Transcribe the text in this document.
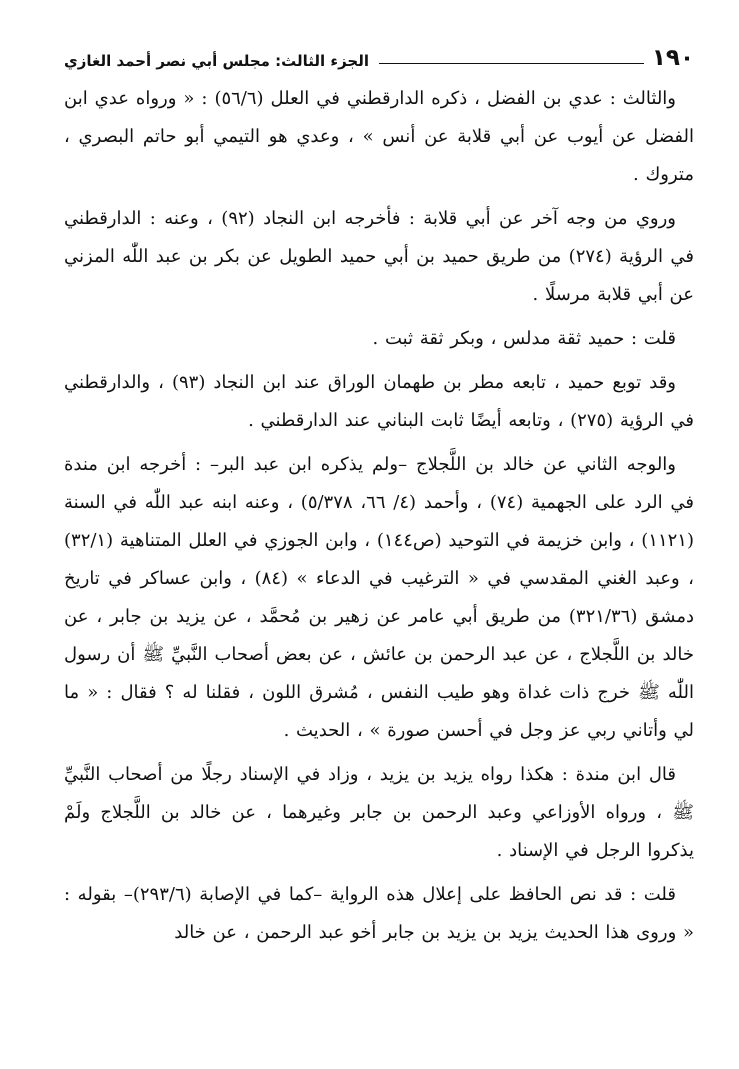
١٩٠
الجزء الثالث: مجلس أبي نصر أحمد الغازي

والثالث : عدي بن الفضل ، ذكره الدارقطني في العلل (٥٦/٦) : « ورواه عدي ابن الفضل عن أيوب عن أبي قلابة عن أنس » ، وعدي هو التيمي أبو حاتم البصري ، متروك .

وروي من وجه آخر عن أبي قلابة : فأخرجه ابن النجاد (٩٢) ، وعنه : الدارقطني في الرؤية (٢٧٤) من طريق حميد بن أبي حميد الطويل عن بكر بن عبد اللّٰه المزني عن أبي قلابة مرسلًا .

قلت : حميد ثقة مدلس ، وبكر ثقة ثبت .

وقد توبع حميد ، تابعه مطر بن طهمان الوراق عند ابن النجاد (٩٣) ، والدارقطني في الرؤية (٢٧٥) ، وتابعه أيضًا ثابت البناني عند الدارقطني .

والوجه الثاني عن خالد بن اللَّجلاج –ولم يذكره ابن عبد البر– : أخرجه ابن مندة في الرد على الجهمية (٧٤) ، وأحمد (٤/ ٦٦، ٥/٣٧٨) ، وعنه ابنه عبد اللّٰه في السنة (١١٢١) ، وابن خزيمة في التوحيد (ص١٤٤) ، وابن الجوزي في العلل المتناهية (٣٢/١) ، وعبد الغني المقدسي في « الترغيب في الدعاء » (٨٤) ، وابن عساكر في تاريخ دمشق (٣٢١/٣٦) من طريق أبي عامر عن زهير بن مُحمَّد ، عن يزيد بن جابر ، عن خالد بن اللَّجلاج ، عن عبد الرحمن بن عائش ، عن بعض أصحاب النَّبيِّ ﷺ أن رسول اللّٰه ﷺ خرج ذات غداة وهو طيب النفس ، مُشرق اللون ، فقلنا له ؟ فقال : « ما لي وأتاني ربي عز وجل في أحسن صورة » ، الحديث .

قال ابن مندة : هكذا رواه يزيد بن يزيد ، وزاد في الإسناد رجلًا من أصحاب النَّبيِّ ﷺ ، ورواه الأوزاعي وعبد الرحمن بن جابر وغيرهما ، عن خالد بن اللَّجلاج ولَمْ يذكروا الرجل في الإسناد .

قلت : قد نص الحافظ على إعلال هذه الرواية –كما في الإصابة (٢٩٣/٦)– بقوله : « وروى هذا الحديث يزيد بن يزيد بن جابر أخو عبد الرحمن ، عن خالد
